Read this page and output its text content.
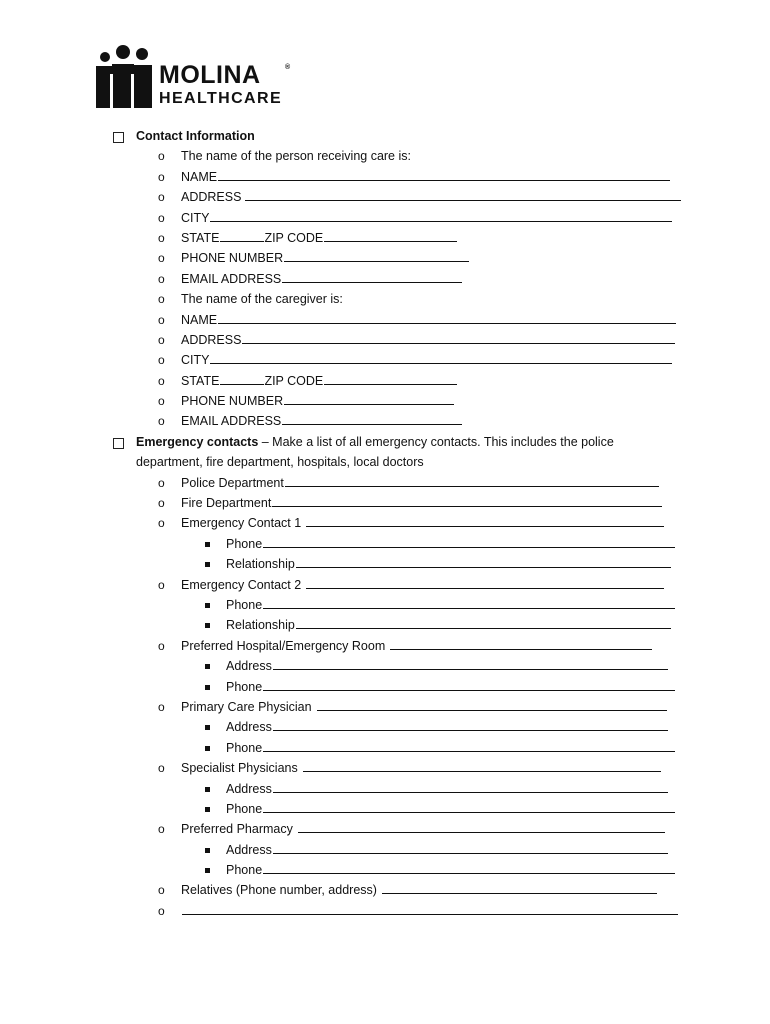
MOLINA	®
HEALTHCARE
Contact Information
o The name of the person receiving care is:
o NAME
o ADDRESS
o CITY
o STATE	ZIP CODE
o PHONE NUMBER
o EMAIL ADDRESS
o The name of the caregiver is:
o NAME
o ADDRESS
o CITY
o STATE	ZIP CODE
o PHONE NUMBER
o EMAIL ADDRESS
Emergency contacts – Make a list of all emergency contacts. This includes the police
department, fire department, hospitals, local doctors
o Police Department
o Fire Department
o Emergency Contact 1
Phone
Relationship
o Emergency Contact 2
Phone
Relationship
o Preferred Hospital/Emergency Room
Address
Phone
o Primary Care Physician
Address
Phone
o Specialist Physicians
Address
Phone
o Preferred Pharmacy
Address
Phone
o Relatives (Phone number, address)
o
